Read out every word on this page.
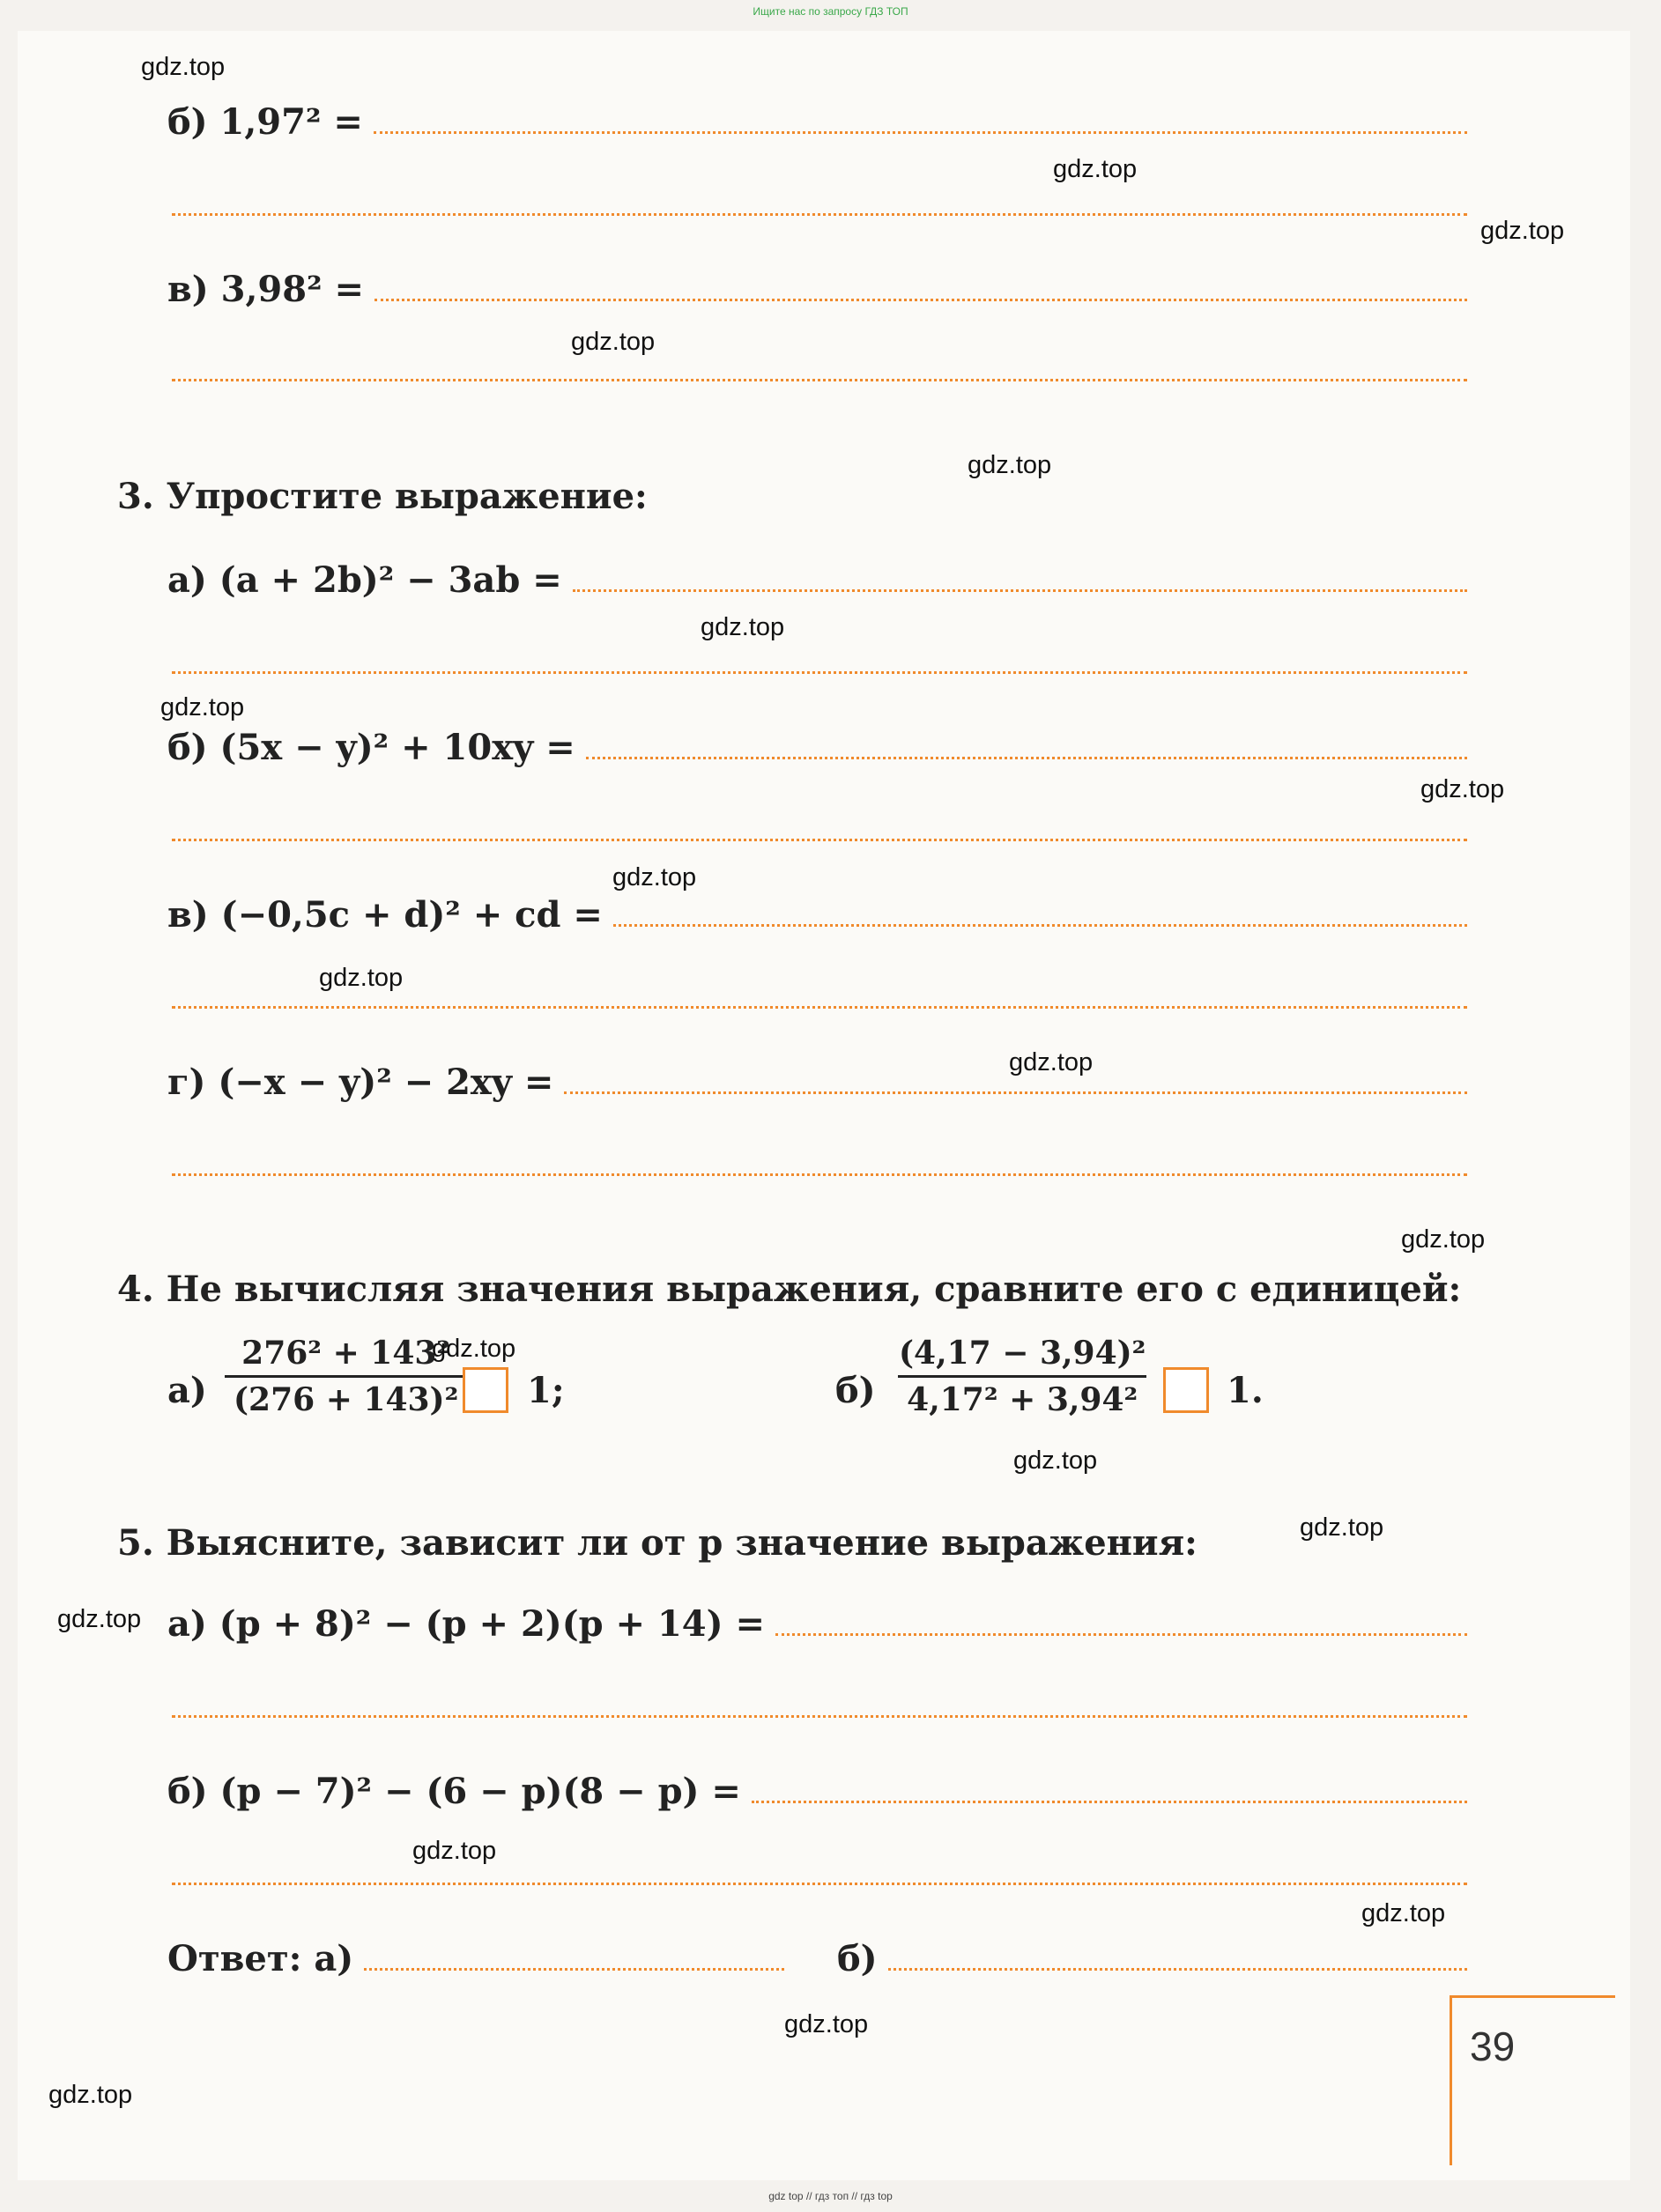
Ищите нас по запросу ГДЗ ТОП
б) 1,97² =
в) 3,98² =
3. Упростите выражение:
а) (a + 2b)² − 3ab =
б) (5x − y)² + 10xy =
в) (−0,5c + d)² + cd =
г) (−x − y)² − 2xy =
4. Не вычисляя значения выражения, сравните его с единицей:
$а) \frac{\text{276² + 143²}}{\text{(276 + 143)²}} 1$;	$б) \frac{\text{(4,17 − 3,94)²}}{\text{4,17² + 3,94²}} 1$.
5. Выясните, зависит ли от p значение выражения:
а) (p + 8)² − (p + 2)(p + 14) =
б) (p − 7)² − (6 − p)(8 − p) =
Ответ: а)	б)
39
gdz.top
gdz.top
gdz.top
gdz.top
gdz.top
gdz.top
gdz.top
gdz.top
gdz.top
gdz.top
gdz.top
gdz.top
gdz.top
gdz.top
gdz.top
gdz.top
gdz.top
gdz.top
gdz.top
gdz.top
gdz top // гдз топ // гдз top
